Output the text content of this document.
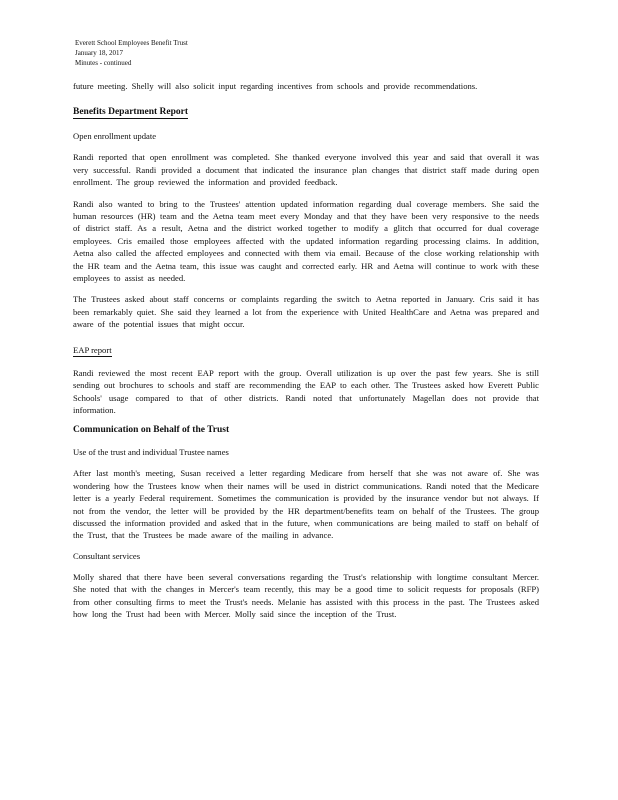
Everett School Employees Benefit Trust
January 18, 2017
Minutes - continued

future meeting. Shelly will also solicit input regarding incentives from schools and provide recommendations.

Benefits Department Report
Open enrollment update

Randi reported that open enrollment was completed. She thanked everyone involved this year and said that overall it was very successful. Randi provided a document that indicated the insurance plan changes that district staff made during open enrollment. The group reviewed the information and provided feedback.

Randi also wanted to bring to the Trustees' attention updated information regarding dual coverage members. She said the human resources (HR) team and the Aetna team meet every Monday and that they have been very responsive to the needs of district staff. As a result, Aetna and the district worked together to modify a glitch that occurred for dual coverage employees. Cris emailed those employees affected with the updated information regarding processing claims. In addition, Aetna also called the affected employees and connected with them via email. Because of the close working relationship with the HR team and the Aetna team, this issue was caught and corrected early. HR and Aetna will continue to work with these employees to assist as needed.

The Trustees asked about staff concerns or complaints regarding the switch to Aetna reported in January. Cris said it has been remarkably quiet. She said they learned a lot from the experience with United HealthCare and Aetna was prepared and aware of the potential issues that might occur.

EAP report

Randi reviewed the most recent EAP report with the group. Overall utilization is up over the past few years. She is still sending out brochures to schools and staff are recommending the EAP to each other. The Trustees asked how Everett Public Schools' usage compared to that of other districts. Randi noted that unfortunately Magellan does not provide that information.

Communication on Behalf of the Trust
Use of the trust and individual Trustee names

After last month's meeting, Susan received a letter regarding Medicare from herself that she was not aware of. She was wondering how the Trustees know when their names will be used in district communications. Randi noted that the Medicare letter is a yearly Federal requirement. Sometimes the communication is provided by the insurance vendor but not always. If not from the vendor, the letter will be provided by the HR department/benefits team on behalf of the Trustees. The group discussed the information provided and asked that in the future, when communications are being mailed to staff on behalf of the Trust, that the Trustees be made aware of the mailing in advance.

Consultant services

Molly shared that there have been several conversations regarding the Trust's relationship with longtime consultant Mercer. She noted that with the changes in Mercer's team recently, this may be a good time to solicit requests for proposals (RFP) from other consulting firms to meet the Trust's needs. Melanie has assisted with this process in the past. The Trustees asked how long the Trust had been with Mercer. Molly said since the inception of the Trust.
